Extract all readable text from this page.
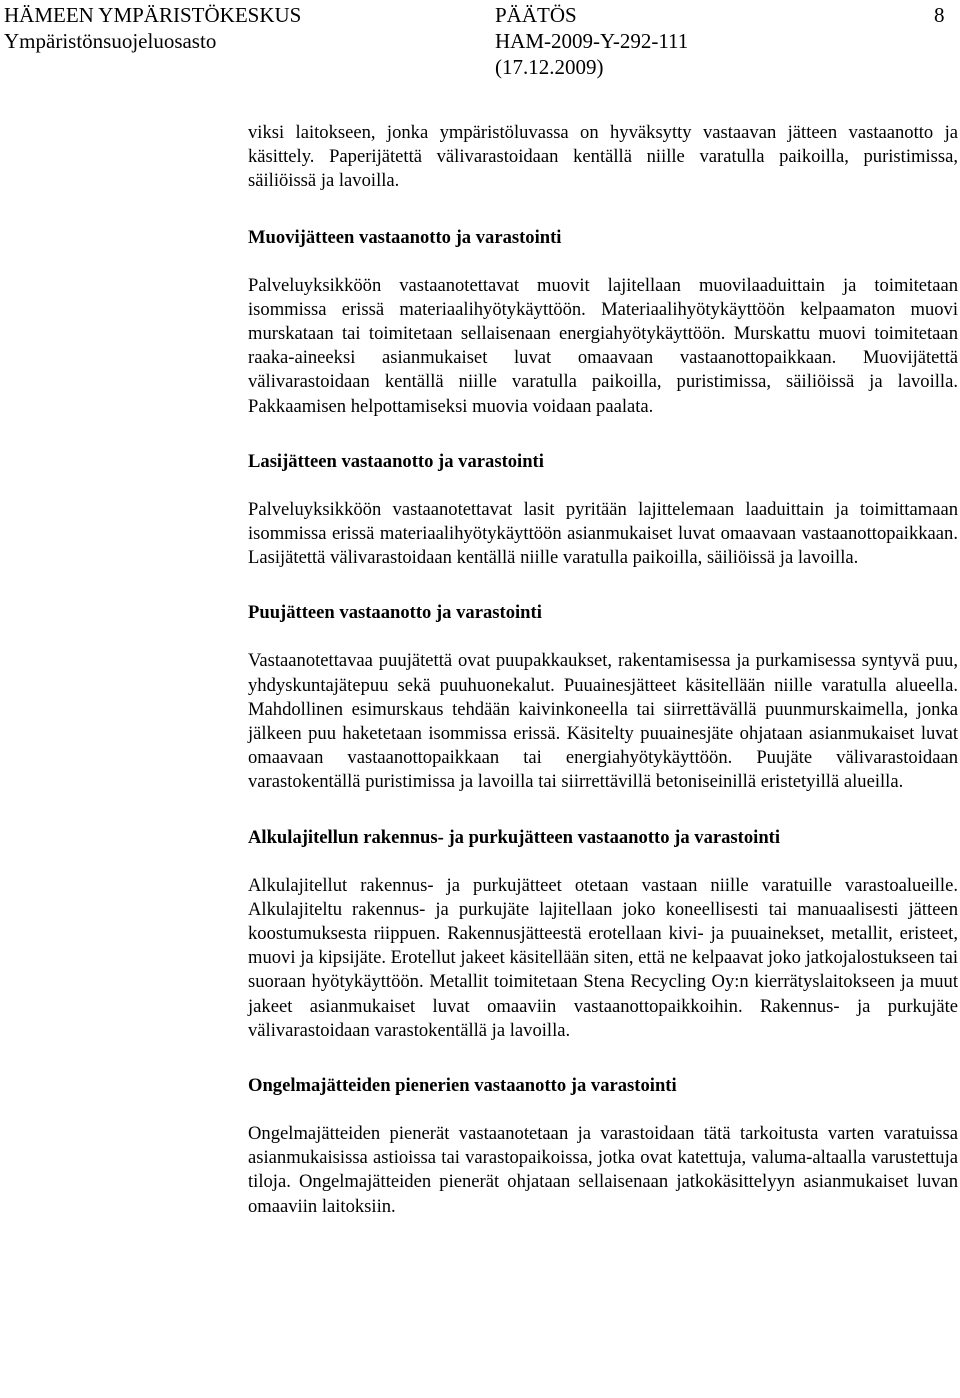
HÄMEEN YMPÄRISTÖKESKUS
Ympäristönsuojeluosasto
PÄÄTÖS
HAM-2009-Y-292-111
(17.12.2009)
8

viksi laitokseen, jonka ympäristöluvassa on hyväksytty vastaavan jätteen vastaanotto ja käsittely. Paperijätettä välivarastoidaan kentällä niille varatulla paikoilla, puristimissa, säiliöissä ja lavoilla.

Muovijätteen vastaanotto ja varastointi

Palveluyksikköön vastaanotettavat muovit lajitellaan muovilaaduittain ja toimitetaan isommissa erissä materiaalihyötykäyttöön. Materiaalihyötykäyttöön kelpaamaton muovi murskataan tai toimitetaan sellaisenaan energiahyötykäyttöön. Murskattu muovi toimitetaan raaka-aineeksi asianmukaiset luvat omaavaan vastaanottopaikkaan. Muovijätettä välivarastoidaan kentällä niille varatulla paikoilla, puristimissa, säiliöissä ja lavoilla. Pakkaamisen helpottamiseksi muovia voidaan paalata.

Lasijätteen vastaanotto ja varastointi

Palveluyksikköön vastaanotettavat lasit pyritään lajittelemaan laaduittain ja toimittamaan isommissa erissä materiaalihyötykäyttöön asianmukaiset luvat omaavaan vastaanottopaikkaan. Lasijätettä välivarastoidaan kentällä niille varatulla paikoilla, säiliöissä ja lavoilla.

Puujätteen vastaanotto ja varastointi

Vastaanotettavaa puujätettä ovat puupakkaukset, rakentamisessa ja purkamisessa syntyvä puu, yhdyskuntajätepuu sekä puuhuonekalut. Puuainesjätteet käsitellään niille varatulla alueella. Mahdollinen esimurskaus tehdään kaivinkoneella tai siirrettävällä puunmurskaimella, jonka jälkeen puu haketetaan isommissa erissä. Käsitelty puuainesjäte ohjataan asianmukaiset luvat omaavaan vastaanottopaikkaan tai energiahyötykäyttöön. Puujäte välivarastoidaan varastokentällä puristimissa ja lavoilla tai siirrettävillä betoniseinillä eristetyillä alueilla.

Alkulajitellun rakennus- ja purkujätteen vastaanotto ja varastointi

Alkulajitellut rakennus- ja purkujätteet otetaan vastaan niille varatuille varastoalueille. Alkulajiteltu rakennus- ja purkujäte lajitellaan joko koneellisesti tai manuaalisesti jätteen koostumuksesta riippuen. Rakennusjätteestä erotellaan kivi- ja puuainekset, metallit, eristeet, muovi ja kipsijäte. Erotellut jakeet käsitellään siten, että ne kelpaavat joko jatkojalostukseen tai suoraan hyötykäyttöön. Metallit toimitetaan Stena Recycling Oy:n kierrätyslaitokseen ja muut jakeet asianmukaiset luvat omaaviin vastaanottopaikkoihin. Rakennus- ja purkujäte välivarastoidaan varastokentällä ja lavoilla.

Ongelmajätteiden pienerien vastaanotto ja varastointi

Ongelmajätteiden pienerät vastaanotetaan ja varastoidaan tätä tarkoitusta varten varatuissa asianmukaisissa astioissa tai varastopaikoissa, jotka ovat katettuja, valuma-altaalla varustettuja tiloja. Ongelmajätteiden pienerät ohjataan sellaisenaan jatkokäsittelyyn asianmukaiset luvan omaaviin laitoksiin.
